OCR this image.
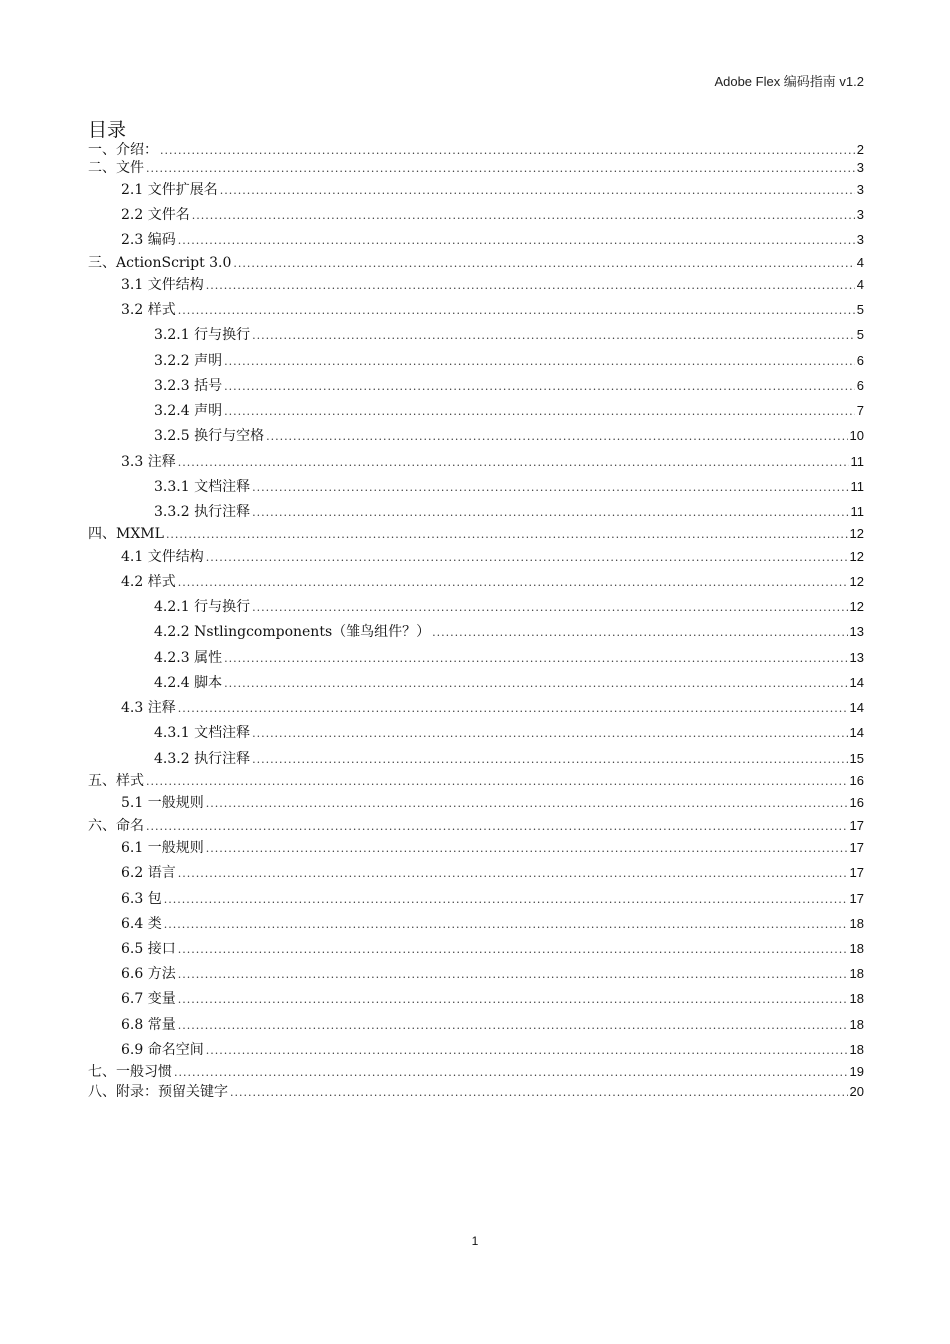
Adobe Flex 编码指南 v1.2
目录
一、介绍： .....	2
二、文件 .....	3
2.1 文件扩展名 .....	3
2.2 文件名 .....	3
2.3 编码 .....	3
三、ActionScript 3.0 .....	4
3.1 文件结构 .....	4
3.2 样式 .....	5
3.2.1 行与换行 .....	5
3.2.2 声明 .....	6
3.2.3 括号 .....	6
3.2.4 声明 .....	7
3.2.5 换行与空格 .....	10
3.3 注释 .....	11
3.3.1 文档注释 .....	11
3.3.2 执行注释 .....	11
四、MXML .....	12
4.1 文件结构 .....	12
4.2 样式 .....	12
4.2.1 行与换行 .....	12
4.2.2 Nstlingcomponents（雏鸟组件？） .....	13
4.2.3 属性 .....	13
4.2.4 脚本 .....	14
4.3 注释 .....	14
4.3.1 文档注释 .....	14
4.3.2 执行注释 .....	15
五、样式 .....	16
5.1 一般规则 .....	16
六、命名 .....	17
6.1 一般规则 .....	17
6.2 语言 .....	17
6.3 包 .....	17
6.4 类 .....	18
6.5 接口 .....	18
6.6 方法 .....	18
6.7 变量 .....	18
6.8 常量 .....	18
6.9 命名空间 .....	18
七、一般习惯 .....	19
八、附录：预留关键字 .....	20
1
